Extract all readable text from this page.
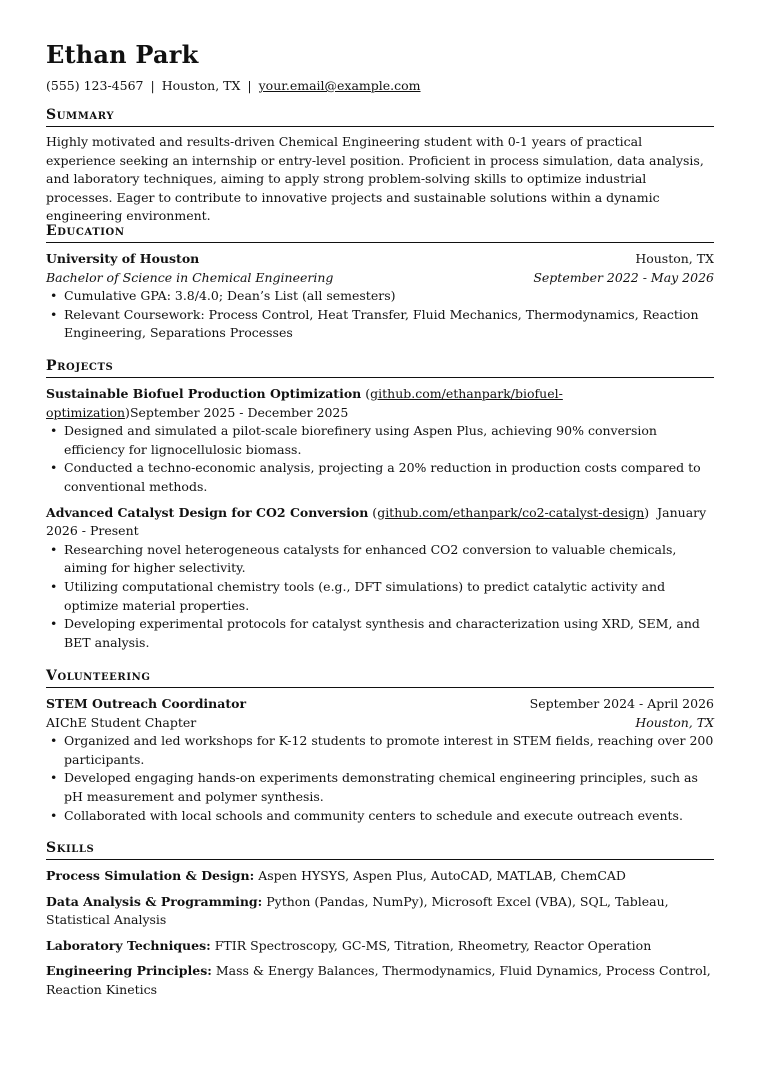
Ethan Park
(555) 123-4567 | Houston, TX | your.email@example.com
Summary
Highly motivated and results-driven Chemical Engineering student with 0-1 years of practical experience seeking an internship or entry-level position. Proficient in process simulation, data analysis, and laboratory techniques, aiming to apply strong problem-solving skills to optimize industrial processes. Eager to contribute to innovative projects and sustainable solutions within a dynamic engineering environment.
Education
University of Houston	Houston, TX
Bachelor of Science in Chemical Engineering	September 2022 - May 2026
• Cumulative GPA: 3.8/4.0; Dean’s List (all semesters)
• Relevant Coursework: Process Control, Heat Transfer, Fluid Mechanics, Thermodynamics, Reaction Engineering, Separations Processes
Projects
Sustainable Biofuel Production Optimization (github.com/ethanpark/biofuel-optimization)September 2025 - December 2025
• Designed and simulated a pilot-scale biorefinery using Aspen Plus, achieving 90% conversion efficiency for lignocellulosic biomass.
• Conducted a techno-economic analysis, projecting a 20% reduction in production costs compared to conventional methods.
Advanced Catalyst Design for CO2 Conversion (github.com/ethanpark/co2-catalyst-design)  January 2026 - Present
• Researching novel heterogeneous catalysts for enhanced CO2 conversion to valuable chemicals, aiming for higher selectivity.
• Utilizing computational chemistry tools (e.g., DFT simulations) to predict catalytic activity and optimize material properties.
• Developing experimental protocols for catalyst synthesis and characterization using XRD, SEM, and BET analysis.
Volunteering
STEM Outreach Coordinator	September 2024 - April 2026
AIChE Student Chapter	Houston, TX
• Organized and led workshops for K-12 students to promote interest in STEM fields, reaching over 200 participants.
• Developed engaging hands-on experiments demonstrating chemical engineering principles, such as pH measurement and polymer synthesis.
• Collaborated with local schools and community centers to schedule and execute outreach events.
Skills
Process Simulation & Design: Aspen HYSYS, Aspen Plus, AutoCAD, MATLAB, ChemCAD
Data Analysis & Programming: Python (Pandas, NumPy), Microsoft Excel (VBA), SQL, Tableau, Statistical Analysis
Laboratory Techniques: FTIR Spectroscopy, GC-MS, Titration, Rheometry, Reactor Operation
Engineering Principles: Mass & Energy Balances, Thermodynamics, Fluid Dynamics, Process Control, Reaction Kinetics
